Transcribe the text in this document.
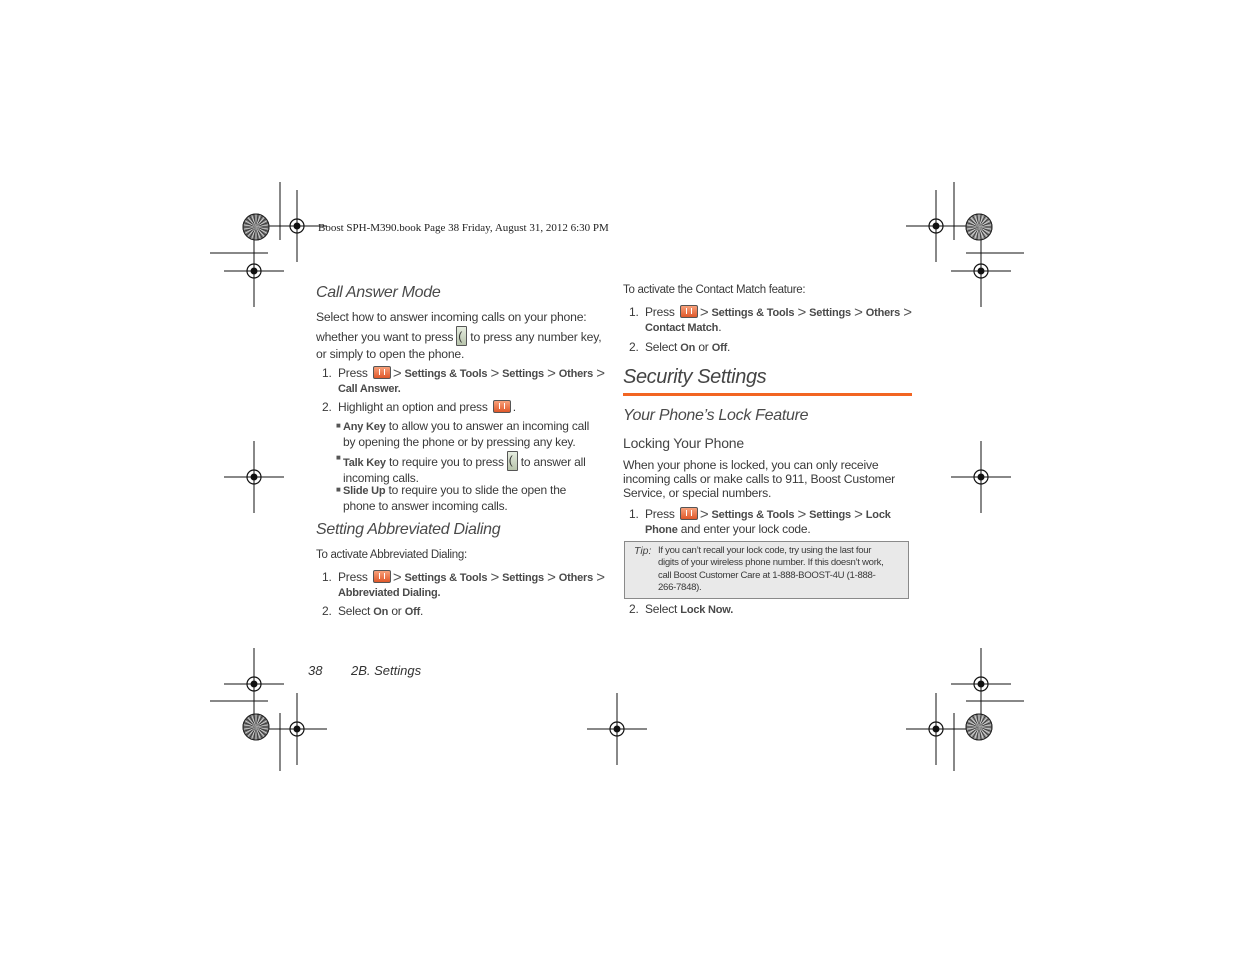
Boost SPH-M390.book Page 38 Friday, August 31, 2012 6:30 PM
Call Answer Mode
Select how to answer incoming calls on your phone:
whether you want to press ( to press any number key,
or simply to open the phone.
1. Press > Settings & Tools > Settings > Others >
Call Answer.
2. Highlight an option and press .
■ Any Key to allow you to answer an incoming call
by opening the phone or by pressing any key.
■ Talk Key to require you to press ( to answer all
incoming calls.
■ Slide Up to require you to slide the open the
phone to answer incoming calls.
Setting Abbreviated Dialing
To activate Abbreviated Dialing:
1. Press > Settings & Tools > Settings > Others >
Abbreviated Dialing.
2. Select On or Off.
To activate the Contact Match feature:
1. Press > Settings & Tools > Settings > Others >
Contact Match.
2. Select On or Off.
Security Settings
Your Phone’s Lock Feature
Locking Your Phone
When your phone is locked, you can only receive
incoming calls or make calls to 911, Boost Customer
Service, or special numbers.
1. Press > Settings & Tools > Settings > Lock
Phone and enter your lock code.
Tip: If you can’t recall your lock code, try using the last four
digits of your wireless phone number. If this doesn’t work,
call Boost Customer Care at 1-888-BOOST-4U (1-888-
266-7848).
2. Select Lock Now.
38 2B. Settings
